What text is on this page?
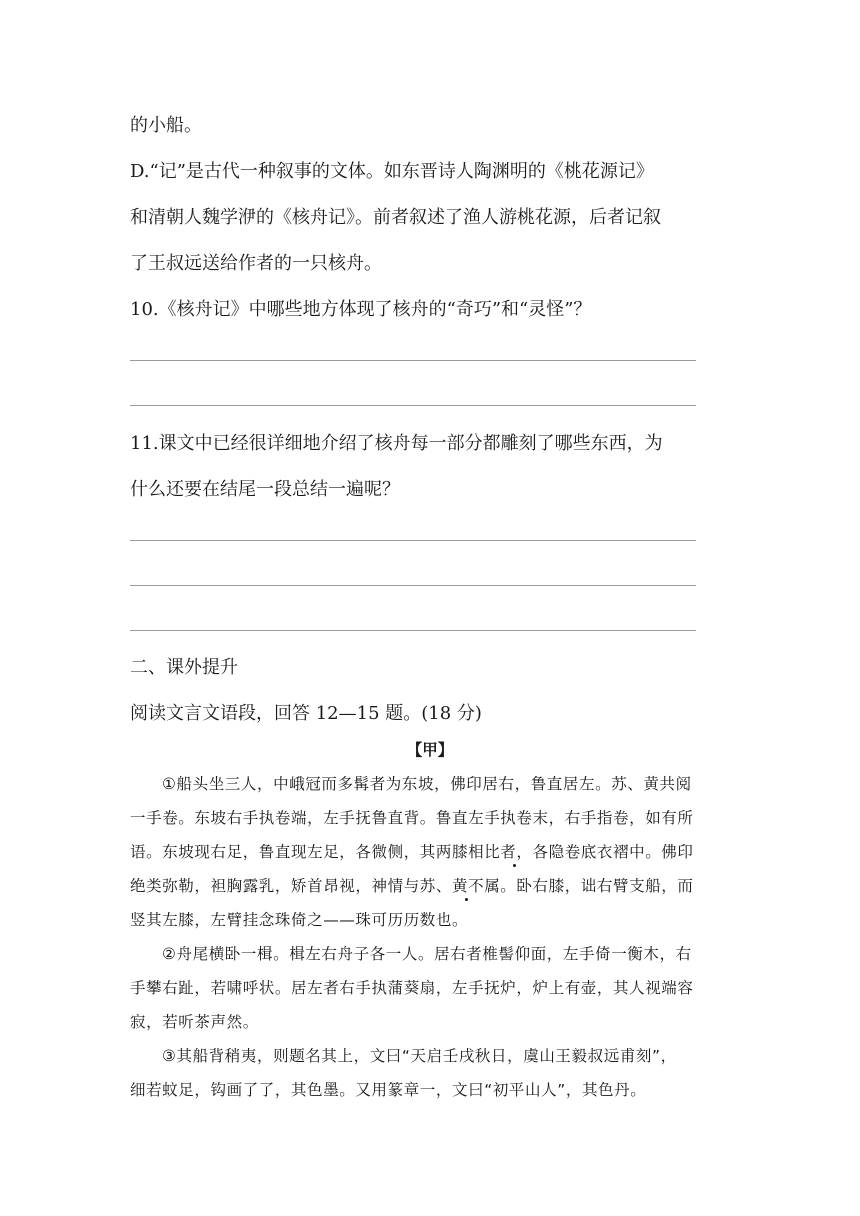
的小船。
D.“记”是古代一种叙事的文体。如东晋诗人陶渊明的《桃花源记》
和清朝人魏学洢的《核舟记》。前者叙述了渔人游桃花源，后者记叙
了王叔远送给作者的一只核舟。
10.《核舟记》中哪些地方体现了核舟的“奇巧”和“灵怪”？
11.课文中已经很详细地介绍了核舟每一部分都雕刻了哪些东西，为
什么还要在结尾一段总结一遍呢？
二、课外提升
阅读文言文语段，回答 12—15 题。(18 分)
【甲】
①船头坐三人，中峨冠而多髯者为东坡，佛印居右，鲁直居左。苏、黄共阅
一手卷。东坡右手执卷端，左手抚鲁直背。鲁直左手执卷末，右手指卷，如有所
语。东坡现右足，鲁直现左足，各微侧，其两膝相比者，各隐卷底衣褶中。佛印
绝类弥勒，袒胸露乳，矫首昂视，神情与苏、黄不属。卧右膝，诎右臂支船，而
竖其左膝，左臂挂念珠倚之——珠可历历数也。
②舟尾横卧一楫。楫左右舟子各一人。居右者椎髻仰面，左手倚一衡木，右
手攀右趾，若啸呼状。居左者右手执蒲葵扇，左手抚炉，炉上有壶，其人视端容
寂，若听茶声然。
③其船背稍夷，则题名其上，文曰“天启壬戌秋日，虞山王毅叔远甫刻”，
细若蚊足，钩画了了，其色墨。又用篆章一，文曰“初平山人”，其色丹。
